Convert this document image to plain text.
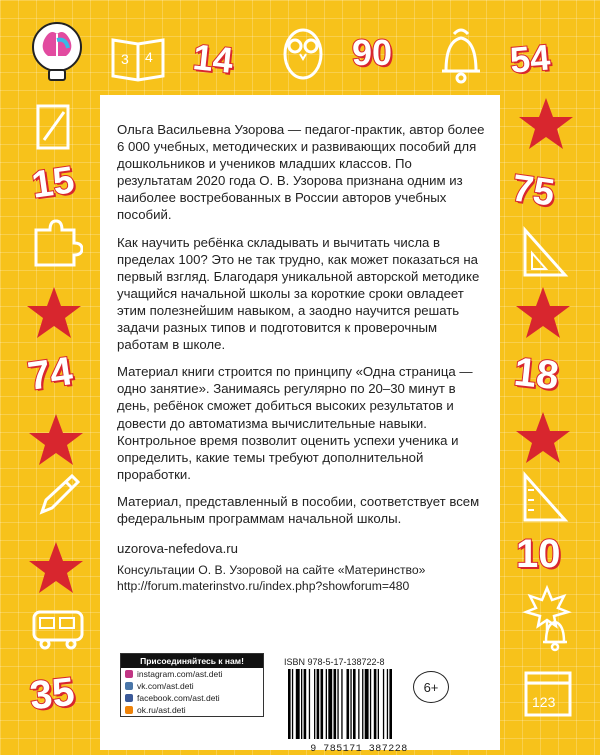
14	90	54
15	75
74	18
10
35
3 4
123

Ольга Васильевна Узорова — педагог-практик, автор более 6 000 учебных, методических и развивающих пособий для дошкольников и учеников младших классов. По результатам 2020 года О. В. Узорова признана одним из наиболее востребованных в России авторов учебных пособий.

Как научить ребёнка складывать и вычитать числа в пределах 100? Это не так трудно, как может показаться на первый взгляд. Благодаря уникальной авторской методике учащийся начальной школы за короткие сроки овладеет этим полезнейшим навыком, а заодно научится решать задачи разных типов и подготовится к проверочным работам в школе.

Материал книги строится по принципу «Одна страница — одно занятие». Занимаясь регулярно по 20–30 минут в день, ребёнок сможет добиться высоких результатов и довести до автоматизма вычислительные навыки. Контрольное время позволит оценить успехи ученика и определить, какие темы требуют дополнительной проработки.

Материал, представленный в пособии, соответствует всем федеральным программам начальной школы.

uzorova-nefedova.ru
Консультации О. В. Узоровой на сайте «Материнство»
http://forum.materinstvo.ru/index.php?showforum=480
Присоединяйтесь к нам!
instagram.com/ast.deti
vk.com/ast.deti
facebook.com/ast.deti
ok.ru/ast.deti
ISBN 978-5-17-138722-8
9 785171 387228
6+
